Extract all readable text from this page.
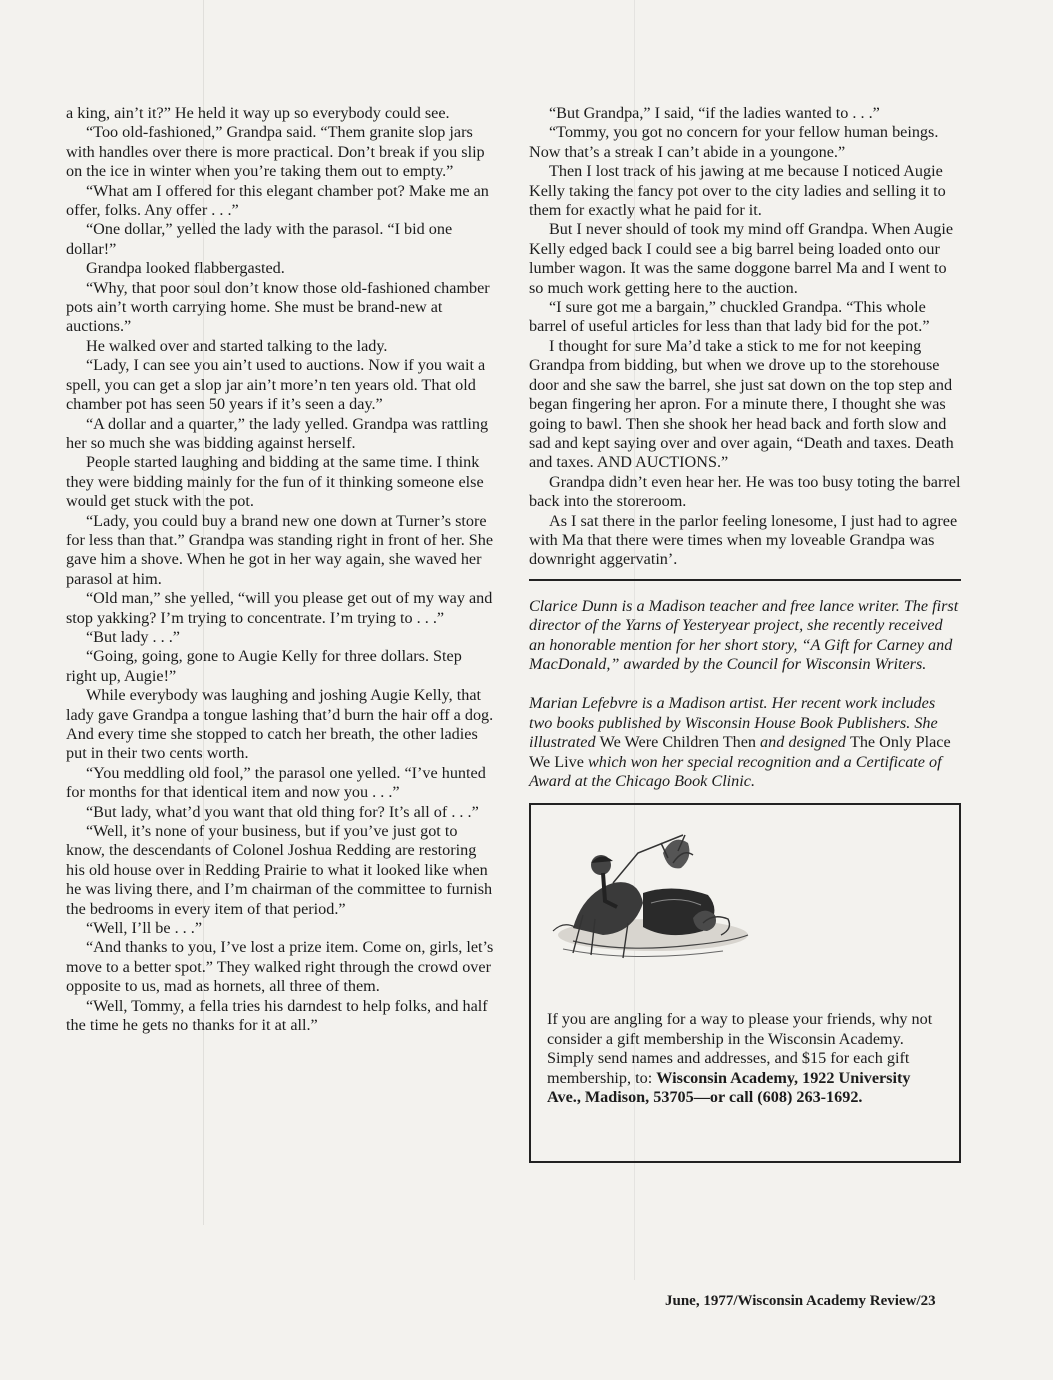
a king, ain’t it?” He held it way up so everybody could see.

“Too old-fashioned,” Grandpa said. “Them granite slop jars with handles over there is more practical. Don’t break if you slip on the ice in winter when you’re taking them out to empty.”

“What am I offered for this elegant chamber pot? Make me an offer, folks. Any offer . . .”

“One dollar,” yelled the lady with the parasol. “I bid one dollar!”

Grandpa looked flabbergasted.

“Why, that poor soul don’t know those old-fashioned chamber pots ain’t worth carrying home. She must be brand-new at auctions.”

He walked over and started talking to the lady.

“Lady, I can see you ain’t used to auctions. Now if you wait a spell, you can get a slop jar ain’t more’n ten years old. That old chamber pot has seen 50 years if it’s seen a day.”

“A dollar and a quarter,” the lady yelled. Grandpa was rattling her so much she was bidding against herself.

People started laughing and bidding at the same time. I think they were bidding mainly for the fun of it thinking someone else would get stuck with the pot.

“Lady, you could buy a brand new one down at Turner’s store for less than that.” Grandpa was standing right in front of her. She gave him a shove. When he got in her way again, she waved her parasol at him.

“Old man,” she yelled, “will you please get out of my way and stop yakking? I’m trying to concentrate. I’m trying to . . .”

“But lady . . .”

“Going, going, gone to Augie Kelly for three dollars. Step right up, Augie!”

While everybody was laughing and joshing Augie Kelly, that lady gave Grandpa a tongue lashing that’d burn the hair off a dog. And every time she stopped to catch her breath, the other ladies put in their two cents worth.

“You meddling old fool,” the parasol one yelled. “I’ve hunted for months for that identical item and now you . . .”

“But lady, what’d you want that old thing for? It’s all of . . .”

“Well, it’s none of your business, but if you’ve just got to know, the descendants of Colonel Joshua Redding are restoring his old house over in Redding Prairie to what it looked like when he was living there, and I’m chairman of the committee to furnish the bedrooms in every item of that period.”

“Well, I’ll be . . .”

“And thanks to you, I’ve lost a prize item. Come on, girls, let’s move to a better spot.” They walked right through the crowd over opposite to us, mad as hornets, all three of them.

“Well, Tommy, a fella tries his darndest to help folks, and half the time he gets no thanks for it at all.”

“But Grandpa,” I said, “if the ladies wanted to . . .”

“Tommy, you got no concern for your fellow human beings. Now that’s a streak I can’t abide in a youngone.”

Then I lost track of his jawing at me because I noticed Augie Kelly taking the fancy pot over to the city ladies and selling it to them for exactly what he paid for it.

But I never should of took my mind off Grandpa. When Augie Kelly edged back I could see a big barrel being loaded onto our lumber wagon. It was the same doggone barrel Ma and I went to so much work getting here to the auction.

“I sure got me a bargain,” chuckled Grandpa. “This whole barrel of useful articles for less than that lady bid for the pot.”

I thought for sure Ma’d take a stick to me for not keeping Grandpa from bidding, but when we drove up to the storehouse door and she saw the barrel, she just sat down on the top step and began fingering her apron. For a minute there, I thought she was going to bawl. Then she shook her head back and forth slow and sad and kept saying over and over again, “Death and taxes. Death and taxes. AND AUCTIONS.”

Grandpa didn’t even hear her. He was too busy toting the barrel back into the storeroom.

As I sat there in the parlor feeling lonesome, I just had to agree with Ma that there were times when my loveable Grandpa was downright aggervatin’.

Clarice Dunn is a Madison teacher and free lance writer. The first director of the Yarns of Yesteryear project, she recently received an honorable mention for her short story, “A Gift for Carney and MacDonald,” awarded by the Council for Wisconsin Writers.

Marian Lefebvre is a Madison artist. Her recent work includes two books published by Wisconsin House Book Publishers. She illustrated We Were Children Then and designed The Only Place We Live which won her special recognition and a Certificate of Award at the Chicago Book Clinic.

If you are angling for a way to please your friends, why not consider a gift membership in the Wisconsin Academy. Simply send names and addresses, and $15 for each gift membership, to: Wisconsin Academy, 1922 University Ave., Madison, 53705—or call (608) 263-1692.
June, 1977/Wisconsin Academy Review/23
